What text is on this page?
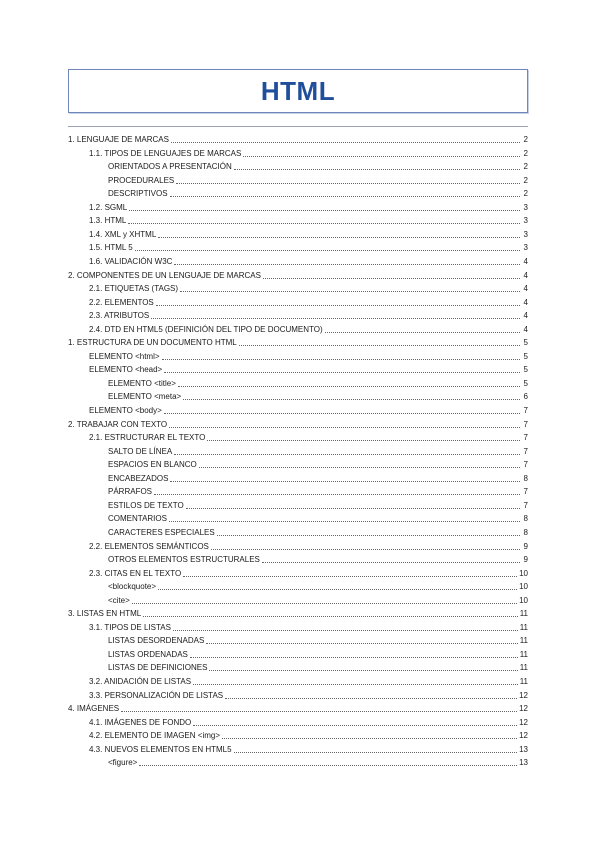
HTML
1. LENGUAJE DE MARCAS	2
1.1. TIPOS DE LENGUAJES DE MARCAS	2
ORIENTADOS A PRESENTACIÓN	2
PROCEDURALES	2
DESCRIPTIVOS	2
1.2. SGML	3
1.3. HTML	3
1.4. XML y XHTML	3
1.5. HTML 5	3
1.6. VALIDACIÓN W3C	4
2. COMPONENTES DE UN LENGUAJE DE MARCAS	4
2.1. ETIQUETAS (TAGS)	4
2.2. ELEMENTOS	4
2.3. ATRIBUTOS	4
2.4. DTD EN HTML5 (DEFINICIÓN DEL TIPO DE DOCUMENTO)	4
1. ESTRUCTURA DE UN DOCUMENTO HTML	5
ELEMENTO <html>	5
ELEMENTO <head>	5
ELEMENTO <title>	5
ELEMENTO <meta>	6
ELEMENTO <body>	7
2. TRABAJAR CON TEXTO	7
2.1. ESTRUCTURAR EL TEXTO	7
SALTO DE LÍNEA	7
ESPACIOS EN BLANCO	7
ENCABEZADOS	8
PÁRRAFOS	7
ESTILOS DE TEXTO	7
COMENTARIOS	8
CARACTERES ESPECIALES	8
2.2. ELEMENTOS SEMÁNTICOS	9
OTROS ELEMENTOS ESTRUCTURALES	9
2.3. CITAS EN EL TEXTO	10
<blockquote>	10
<cite>	10
3. LISTAS EN HTML	11
3.1. TIPOS DE LISTAS	11
LISTAS DESORDENADAS	11
LISTAS ORDENADAS	11
LISTAS DE DEFINICIONES	11
3.2. ANIDACIÓN DE LISTAS	11
3.3. PERSONALIZACIÓN DE LISTAS	12
4. IMÁGENES	12
4.1. IMÁGENES DE FONDO	12
4.2. ELEMENTO DE IMAGEN <img>	12
4.3. NUEVOS ELEMENTOS EN HTML5	13
<figure>	13
